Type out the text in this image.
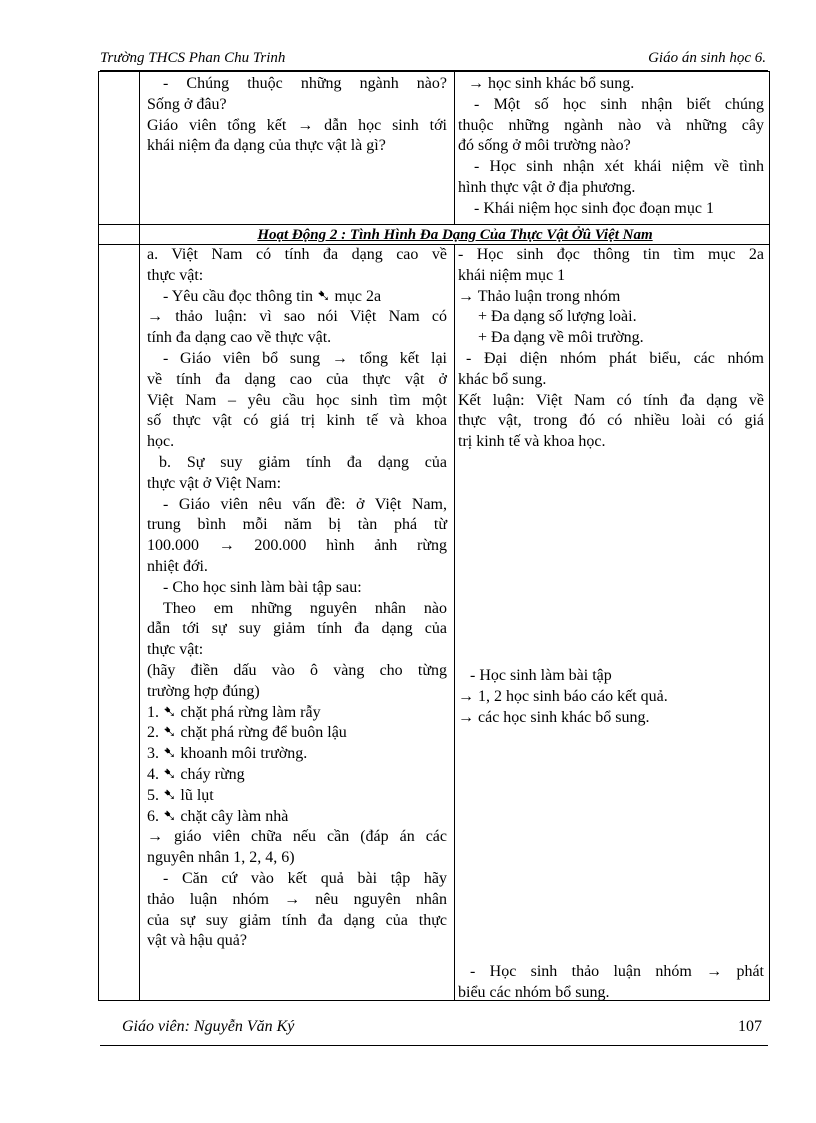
Trường THCS Phan Chu Trinh	Giáo án sinh học 6.
Hoạt Động 2 : Tình Hình Đa Dạng Của Thực Vật Ởû Việt Nam

- Chúng thuộc những ngành nào?

Sống ở đâu?

Giáo viên tổng kết → dẫn học sinh tới

khái niệm đa dạng của thực vật là gì?

→ học sinh khác bổ sung.

- Một số học sinh nhận biết chúng

thuộc những ngành nào và những cây

đó sống ở môi trường nào?

- Học sinh nhận xét khái niệm về tình

hình thực vật ở địa phương.

- Khái niệm học sinh đọc đoạn mục 1

a. Việt Nam có tính đa dạng cao về

thực vật:

- Yêu cầu đọc thông tin ➷ mục 2a

→ thảo luận: vì sao nói Việt Nam có

tính đa dạng cao về thực vật.

- Giáo viên bổ sung → tổng kết lại

về tính đa dạng cao của thực vật ở

Việt Nam – yêu cầu học sinh tìm một

số thực vật có giá trị kinh tế và khoa

học.

b. Sự suy giảm tính đa dạng của

thực vật ở Việt Nam:

- Giáo viên nêu vấn đề: ở Việt Nam,

trung bình mỗi năm bị tàn phá từ

100.000 → 200.000 hình ảnh rừng

nhiệt đới.

- Cho học sinh làm bài tập sau:

Theo em những nguyên nhân nào

dẫn tới sự suy giảm tính đa dạng của

thực vật:

(hãy điền dấu vào ô vàng cho từng

trường hợp đúng)

1. ➷ chặt phá rừng làm rẫy

2. ➷ chặt phá rừng để buôn lậu

3. ➷ khoanh môi trường.

4. ➷ cháy rừng

5. ➷ lũ lụt

6. ➷ chặt cây làm nhà

→ giáo viên chữa nếu cần (đáp án các

nguyên nhân 1, 2, 4, 6)

- Căn cứ vào kết quả bài tập hãy

thảo luận nhóm → nêu nguyên nhân

của sự suy giảm tính đa dạng của thực

vật và hậu quả?

- Học sinh đọc thông tin tìm mục 2a

khái niệm mục 1

→ Thảo luận trong nhóm

+ Đa dạng số lượng loài.

+ Đa dạng về môi trường.

- Đại diện nhóm phát biểu, các nhóm

khác bổ sung.

Kết luận: Việt Nam có tính đa dạng về

thực vật, trong đó có nhiều loài có giá

trị kinh tế và khoa học.

- Học sinh làm bài tập

→ 1, 2 học sinh báo cáo kết quả.

→ các học sinh khác bổ sung.

- Học sinh thảo luận nhóm → phát

biểu các nhóm bổ sung.

Giáo viên: Nguyễn Văn Ký	107
